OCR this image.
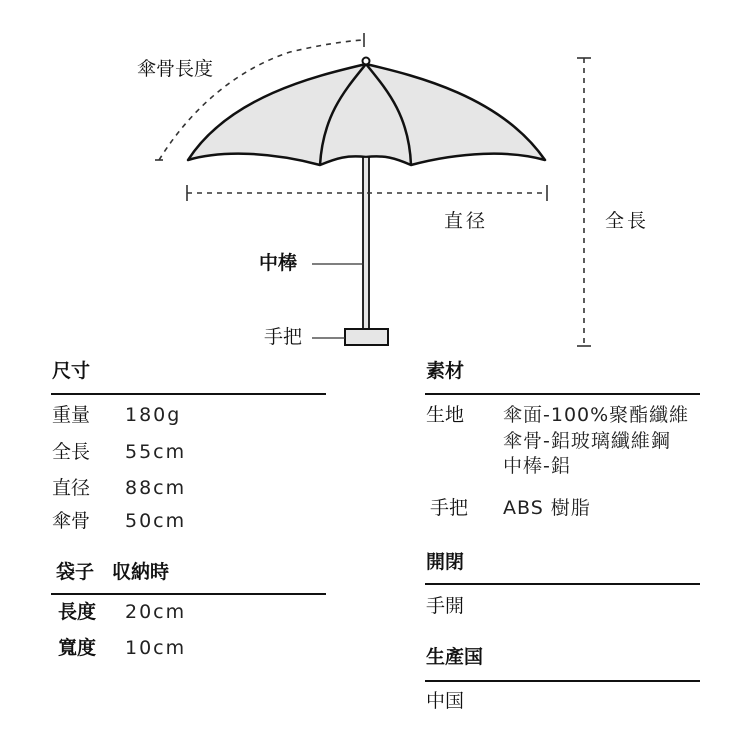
傘骨長度
直径	全長
中棒
手把
尺寸
重量 180g
全長 55cm
直径 88cm
傘骨 50cm
袋子 収納時
長度 20cm
寬度 10cm
素材
生地 傘面-100%聚酯纖維
傘骨-鋁玻璃纖維鋼
中棒-鋁
手把 ABS 樹脂
開閉
手開
生產国
中国
